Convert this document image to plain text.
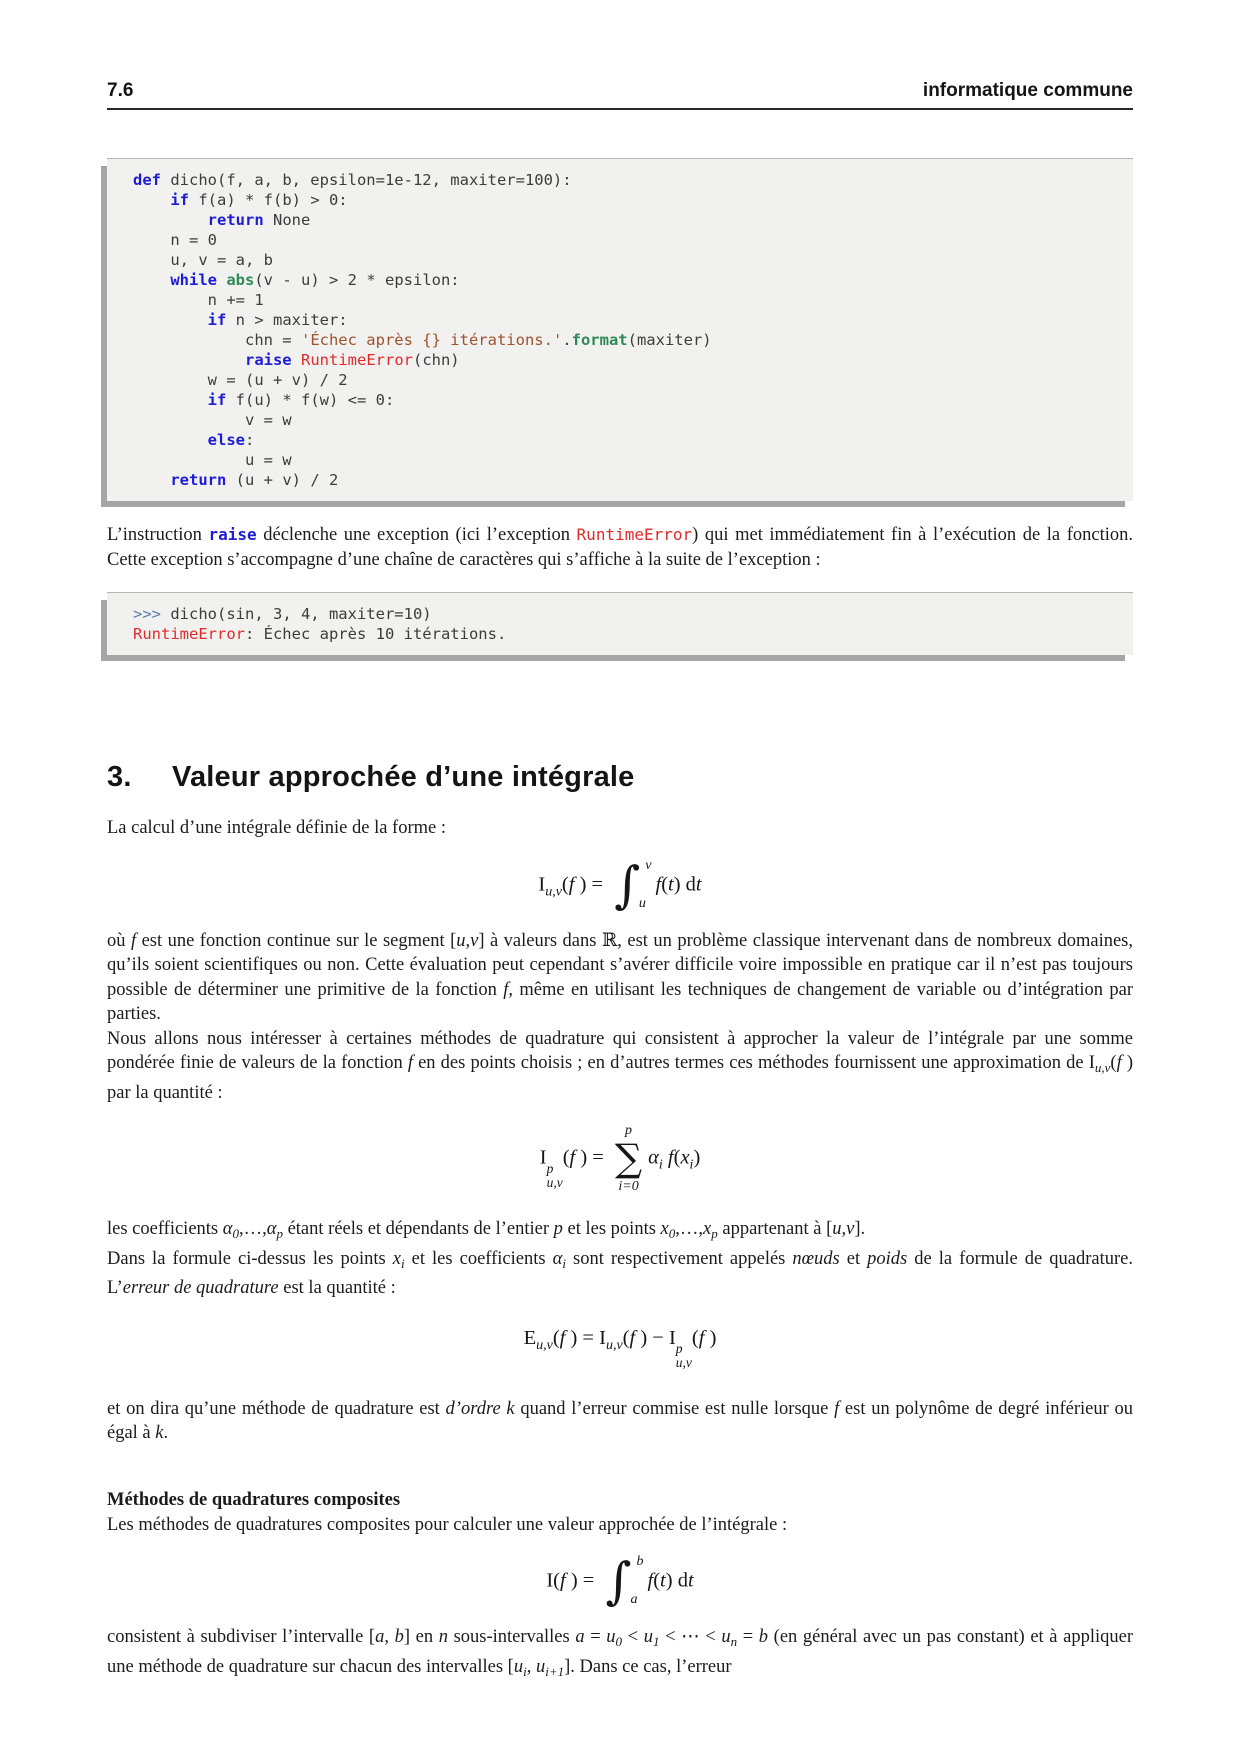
7.6	informatique commune
def dicho(f, a, b, epsilon=1e-12, maxiter=100):
if f(a) * f(b) > 0:
return None
n = 0
u, v = a, b
while abs(v - u) > 2 * epsilon:
n += 1
if n > maxiter:
chn = 'Échec après {} itérations.'.format(maxiter)
raise RuntimeError(chn)
w = (u + v) / 2
if f(u) * f(w) <= 0:
v = w
else:
u = w
return (u + v) / 2

L’instruction raise déclenche une exception (ici l’exception RuntimeError) qui met immédiatement fin à l’exécution de la fonction. Cette exception s’accompagne d’une chaîne de caractères qui s’affiche à la suite de l’exception :

>>> dicho(sin, 3, 4, maxiter=10)
RuntimeError: Échec après 10 itérations.
3.	Valeur approchée d’une intégrale

La calcul d’une intégrale définie de la forme :

$I_{u,v}(f$ ) = ∫ v
u
f(t) dt

où f est une fonction continue sur le segment [u,v] à valeurs dans ℝ, est un problème classique intervenant dans de nombreux domaines, qu’ils soient scientifiques ou non. Cette évaluation peut cependant s’avérer difficile voire impossible en pratique car il n’est pas toujours possible de déterminer une primitive de la fonction f, même en utilisant les techniques de changement de variable ou d’intégration par parties.

Nous allons nous intéresser à certaines méthodes de quadrature qui consistent à approcher la valeur de l’intégrale par une somme pondérée finie de valeurs de la fonction f en des points choisis ; en d’autres termes ces méthodes fournissent une approximation de $I_{u,v}(f$ ) par la quantité :

I p
u,v
(f ) =
p
∑
i=0
$\alpha_i$ $f(x_i)$

les coefficients $\alpha_0,\dots,\alpha_p$ étant réels et dépendants de l’entier p et les points $x_0,\dots,x_p$ appartenant à [u,v].

Dans la formule ci-dessus les points $x_i$ et les coefficients $\alpha_i$ sont respectivement appelés nœuds et poids de la formule de quadrature. L’erreur de quadrature est la quantité :

$E_{u,v}(f$ ) = $I_{u,v}(f$ ) − I p
u,v
(f )

et on dira qu’une méthode de quadrature est d’ordre k quand l’erreur commise est nulle lorsque f est un polynôme de degré inférieur ou égal à k.

Méthodes de quadratures composites

Les méthodes de quadratures composites pour calculer une valeur approchée de l’intégrale :

I(f ) = ∫ b
a
f(t) dt

consistent à subdiviser l’intervalle [a, b] en n sous-intervalles $a = u_0 < u_1$ < ⋯ < $u_n = b$ (en général avec un pas constant) et à appliquer une méthode de quadrature sur chacun des intervalles [$u_i$, $u_{i+1}$]. Dans ce cas, l’erreur
